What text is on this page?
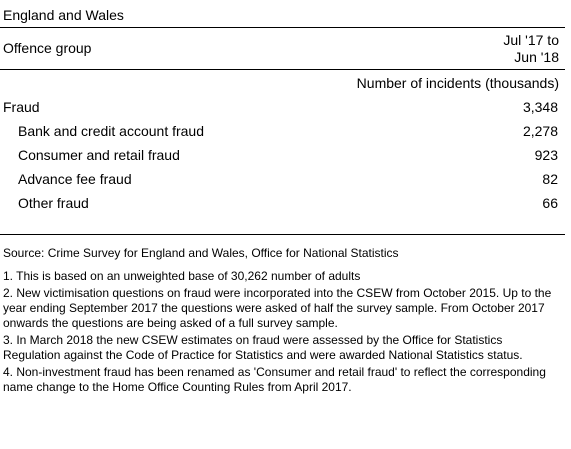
England and Wales
Offence group	Jul '17 to
Jun '18
Number of incidents (thousands)
Fraud	3,348
Bank and credit account fraud	2,278
Consumer and retail fraud	923
Advance fee fraud	82
Other fraud	66
Source: Crime Survey for England and Wales, Office for National Statistics
1. This is based on an unweighted base of 30,262 number of adults
2. New victimisation questions on fraud were incorporated into the CSEW from October 2015. Up to the year ending September 2017 the questions were asked of half the survey sample. From October 2017 onwards the questions are being asked of a full survey sample.
3. In March 2018 the new CSEW estimates on fraud were assessed by the Office for Statistics Regulation against the Code of Practice for Statistics and were awarded National Statistics status.
4. Non-investment fraud has been renamed as 'Consumer and retail fraud' to reflect the corresponding name change to the Home Office Counting Rules from April 2017.
